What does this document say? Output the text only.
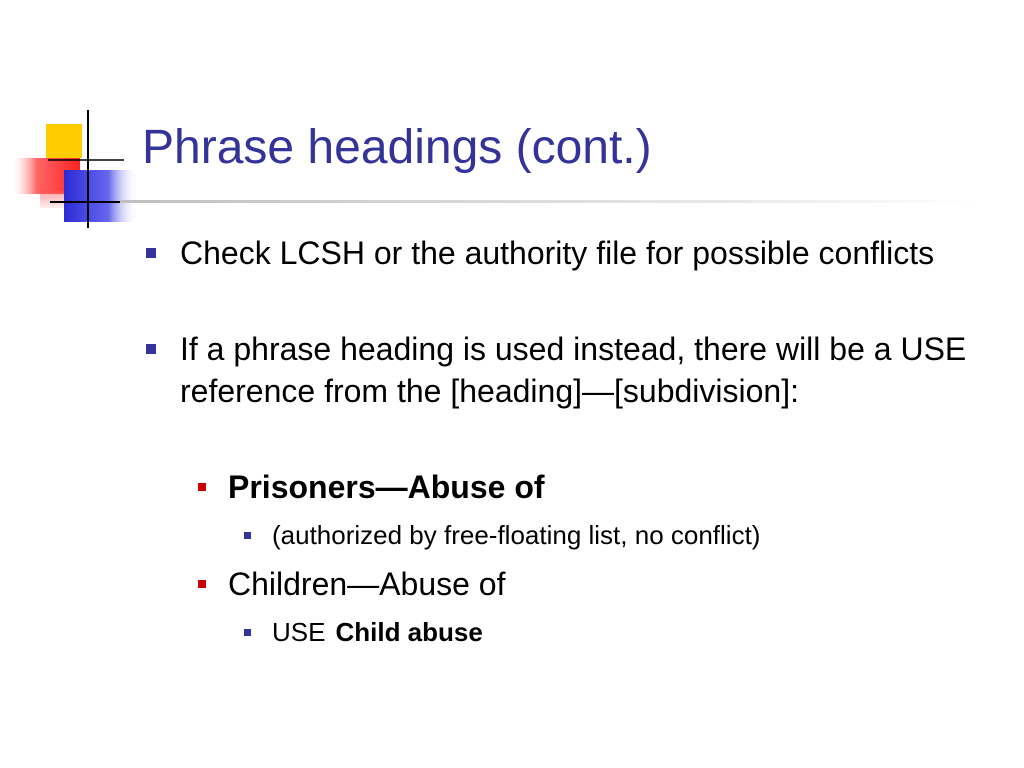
Phrase headings (cont.)
Check LCSH or the authority file for possible conflicts
If a phrase heading is used instead, there will be a USE reference from the [heading]—[subdivision]:
Prisoners—Abuse of
(authorized by free-floating list, no conflict)
Children—Abuse of
USE Child abuse
